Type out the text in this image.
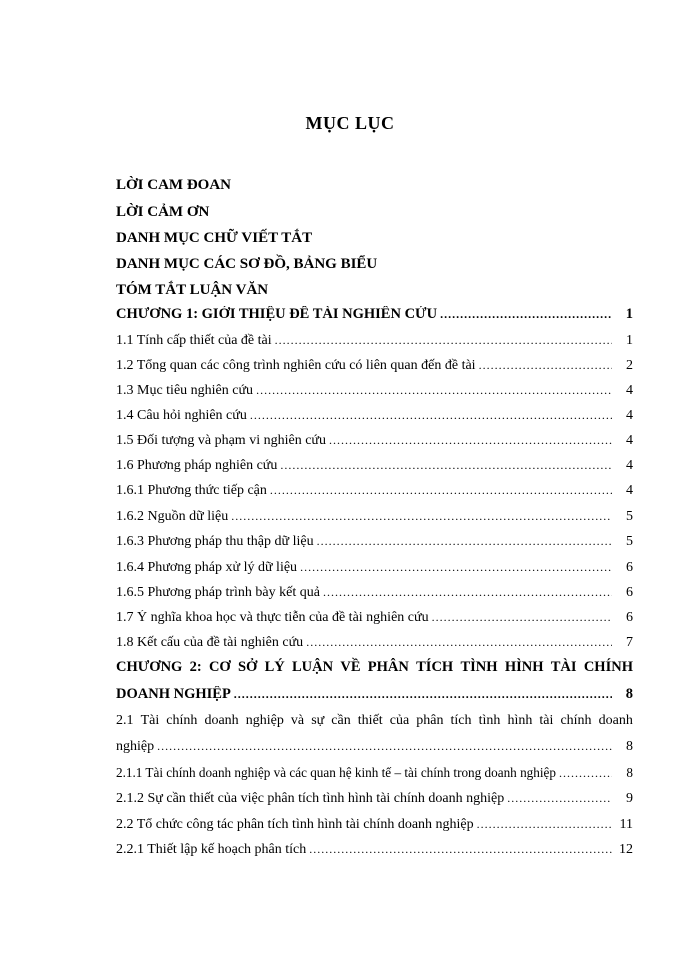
MỤC LỤC
LỜI CAM ĐOAN
LỜI CẢM ƠN
DANH MỤC CHỮ VIẾT TẮT
DANH MỤC CÁC SƠ ĐỒ, BẢNG BIỂU
TÓM TẮT LUẬN VĂN
CHƯƠNG 1: GIỚI THIỆU ĐỀ TÀI NGHIÊN CỨU .....	1
1.1 Tính cấp thiết của đề tài .....	1
1.2 Tổng quan các công trình nghiên cứu có liên quan đến đề tài .....	2
1.3 Mục tiêu nghiên cứu .....	4
1.4 Câu hỏi nghiên cứu .....	4
1.5 Đối tượng và phạm vi nghiên cứu .....	4
1.6 Phương pháp nghiên cứu .....	4
1.6.1 Phương thức tiếp cận .....	4
1.6.2 Nguồn dữ liệu .....	5
1.6.3 Phương pháp thu thập dữ liệu .....	5
1.6.4 Phương pháp xử lý dữ liệu .....	6
1.6.5 Phương pháp trình bày kết quả .....	6
1.7 Ý nghĩa khoa học và thực tiễn của đề tài nghiên cứu .....	6
1.8 Kết cấu của đề tài nghiên cứu .....	7
CHƯƠNG 2: CƠ SỞ LÝ LUẬN VỀ PHÂN TÍCH TÌNH HÌNH TÀI CHÍNH
DOANH NGHIỆP .....	8
2.1 Tài chính doanh nghiệp và sự cần thiết của phân tích tình hình tài chính doanh
nghiệp .....	8
2.1.1 Tài chính doanh nghiệp và các quan hệ kinh tế – tài chính trong doanh nghiệp .....	8
2.1.2 Sự cần thiết của việc phân tích tình hình tài chính doanh nghiệp .....	9
2.2 Tổ chức công tác phân tích tình hình tài chính doanh nghiệp .....	11
2.2.1 Thiết lập kế hoạch phân tích .....	12
